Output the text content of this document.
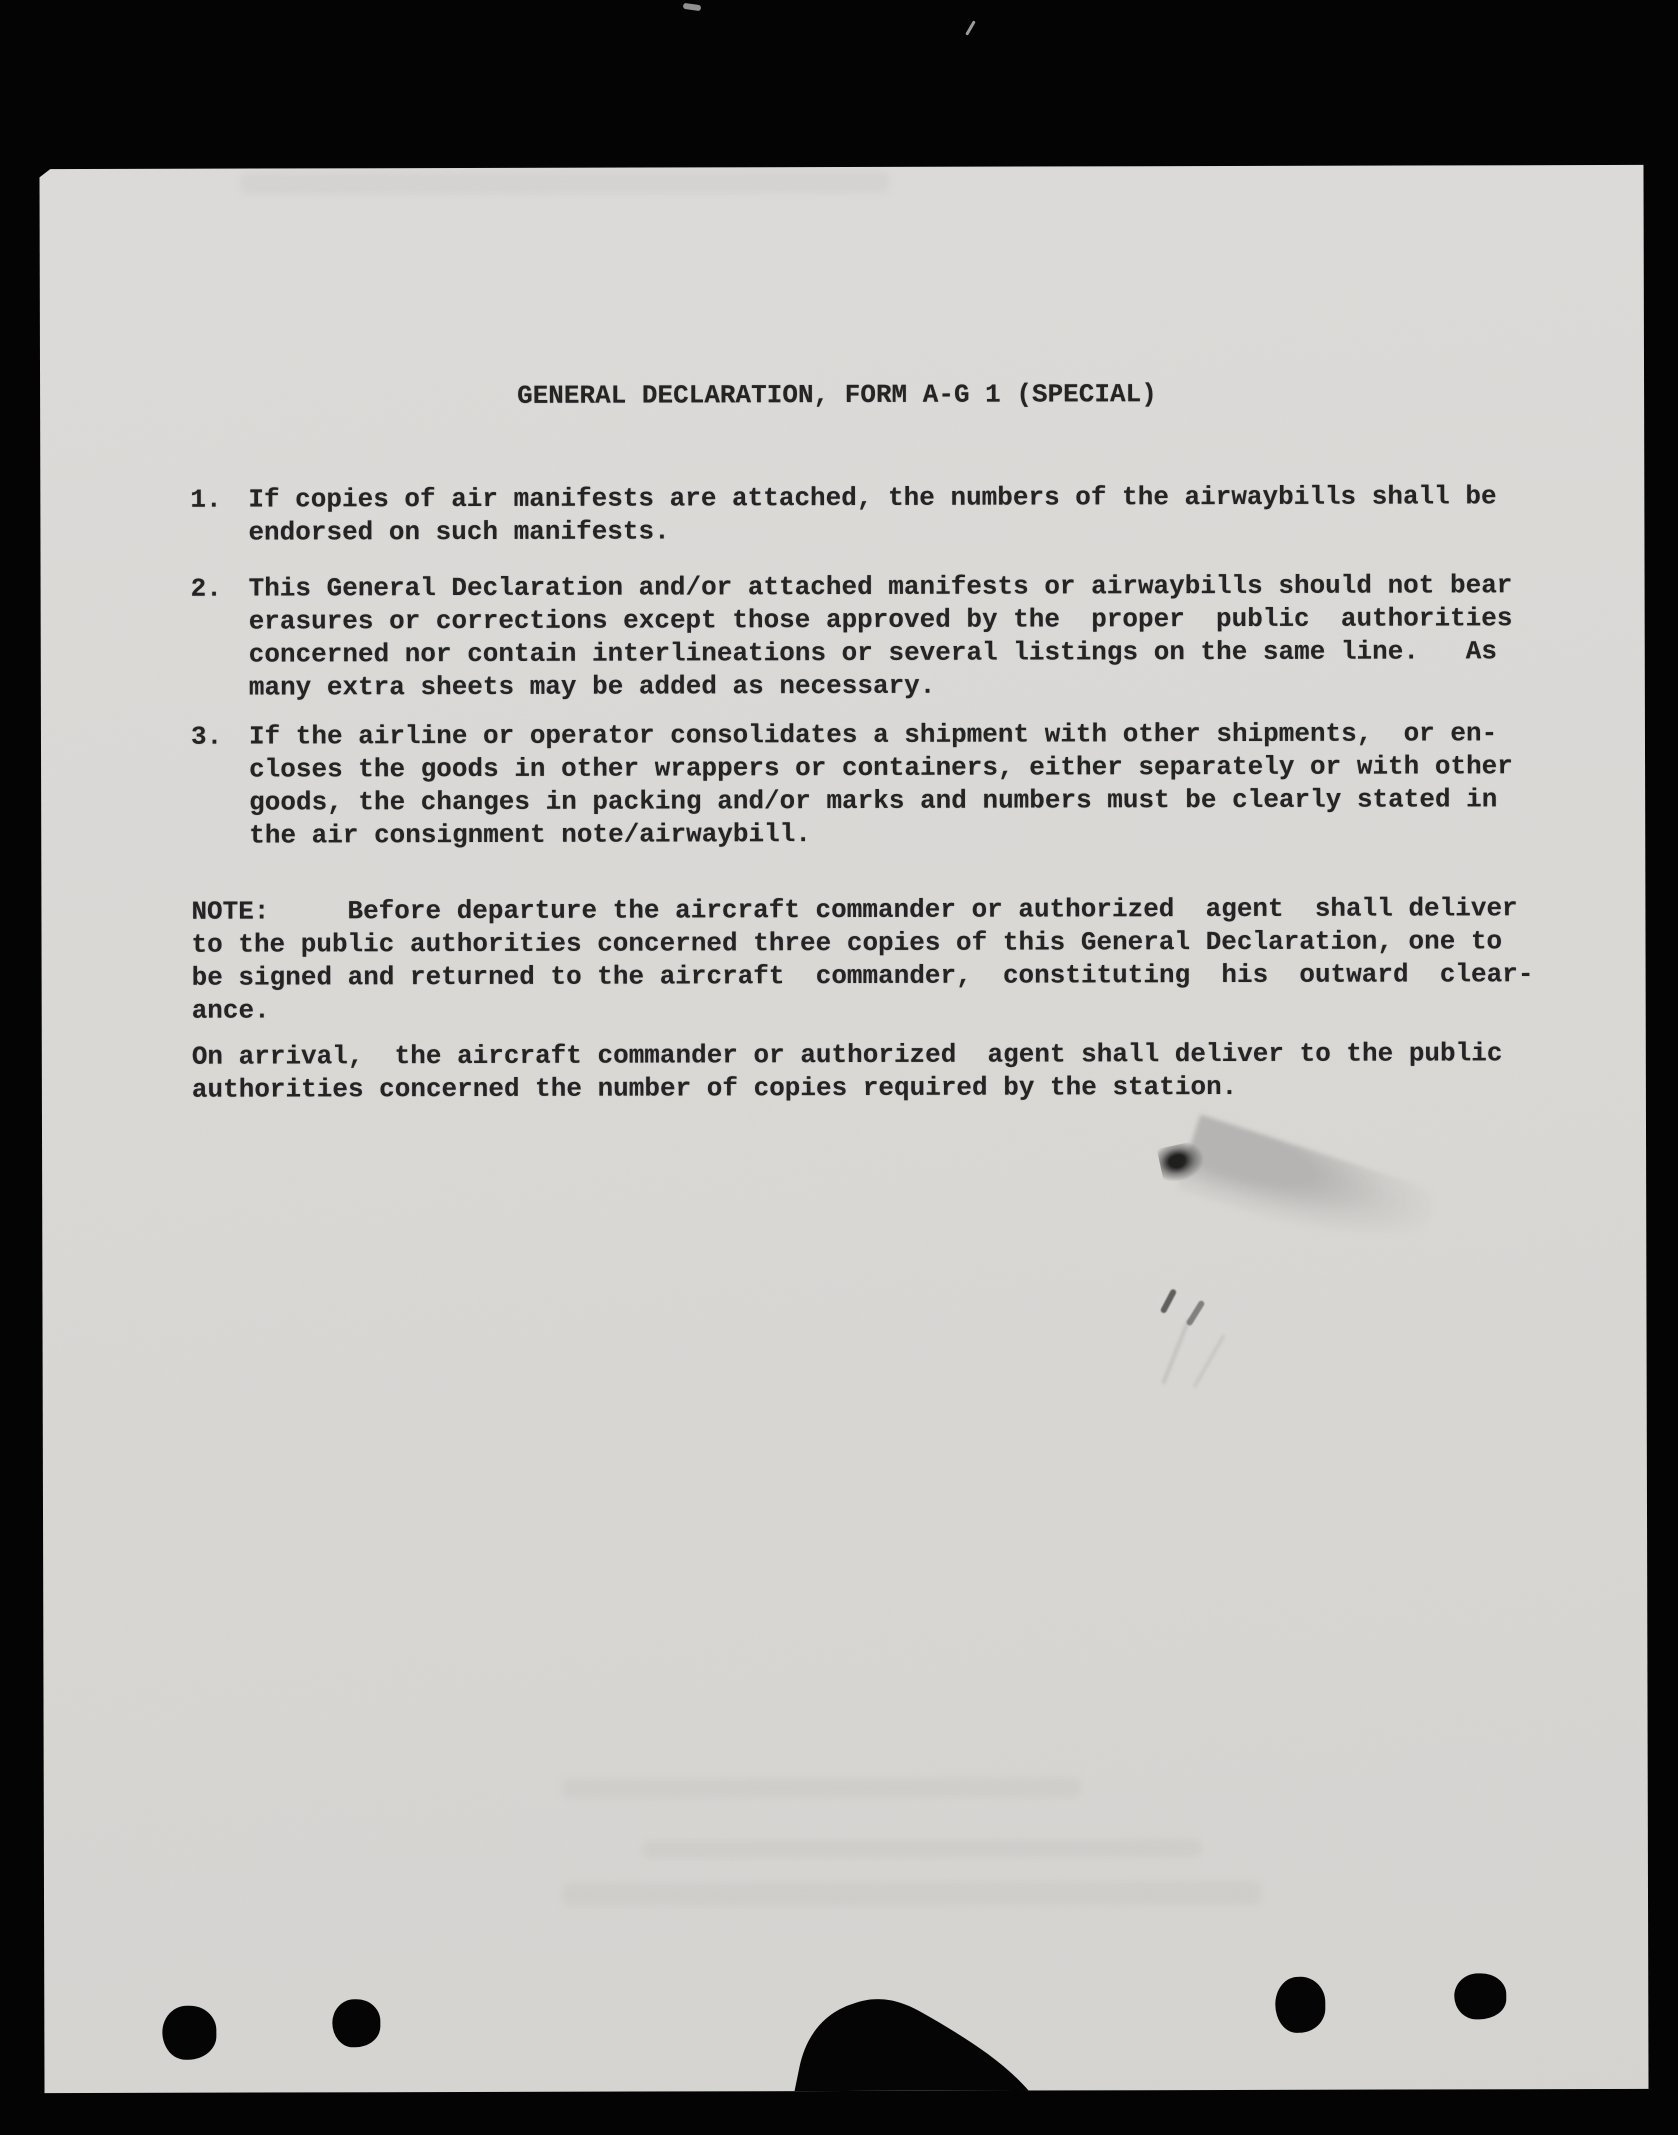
GENERAL DECLARATION, FORM A-G 1 (SPECIAL)
1. If copies of air manifests are attached, the numbers of the airwaybills shall be
endorsed on such manifests.
2. This General Declaration and/or attached manifests or airwaybills should not bear
erasures or corrections except those approved by the  proper  public  authorities
concerned nor contain interlineations or several listings on the same line.   As
many extra sheets may be added as necessary.
3. If the airline or operator consolidates a shipment with other shipments,  or en-
closes the goods in other wrappers or containers, either separately or with other
goods, the changes in packing and/or marks and numbers must be clearly stated in
the air consignment note/airwaybill.
NOTE:     Before departure the aircraft commander or authorized  agent  shall deliver
to the public authorities concerned three copies of this General Declaration, one to
be signed and returned to the aircraft  commander,  constituting  his  outward  clear-
ance.
On arrival,  the aircraft commander or authorized  agent shall deliver to the public
authorities concerned the number of copies required by the station.
